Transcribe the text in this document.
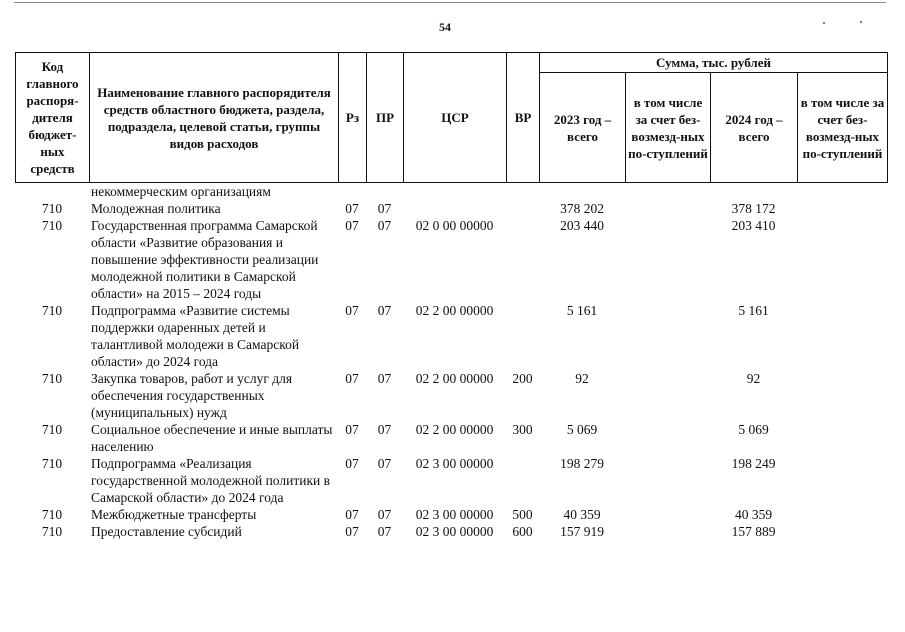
54
Код главного распоря-дителя бюджет-ных средств	Наименование главного распорядителя средств областного бюджета, раздела, подраздела, целевой статьи, группы видов расходов	Рз	ПР	ЦСР	ВР	Сумма, тыс. рублей			
						2023 год – всего	в том числе за счет без-возмезд-ных по-ступлений	2024 год – всего	в том числе за счет без-возмезд-ных по-ступлений
	некоммерческим организациям								
710	Молодежная политика	07	07			378 202		378 172	
710	Государственная программа Самарской области «Развитие образования и повышение эффективности реализации молодежной политики в Самарской области» на 2015 – 2024 годы	07	07	02 0 00 00000		203 440		203 410	
710	Подпрограмма «Развитие системы поддержки одаренных детей и талантливой молодежи в Самарской области» до 2024 года	07	07	02 2 00 00000		5 161		5 161	
710	Закупка товаров, работ и услуг для обеспечения государственных (муниципальных) нужд	07	07	02 2 00 00000	200	92		92	
710	Социальное обеспечение и иные выплаты населению	07	07	02 2 00 00000	300	5 069		5 069	
710	Подпрограмма «Реализация государственной молодежной политики в Самарской области» до 2024 года	07	07	02 3 00 00000		198 279		198 249	
710	Межбюджетные трансферты	07	07	02 3 00 00000	500	40 359		40 359	
710	Предоставление субсидий	07	07	02 3 00 00000	600	157 919		157 889	
